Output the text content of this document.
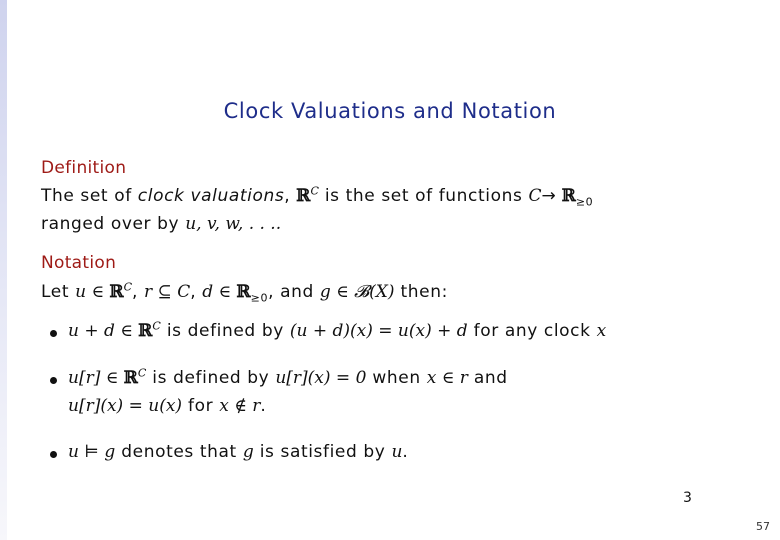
Clock Valuations and Notation
Definition
The set of clock valuations, ℝ$^C$ is the set of functions C→ ℝ$_{\ge 0}$
ranged over by u, v, w, . . ..
Notation
Let u ∈ ℝ$^C$, r ⊆ C, d ∈ ℝ$_{\ge 0}$, and g ∈ 𝓑(X) then:
u + d ∈ ℝ$^C$ is defined by (u + d)(x) = u(x) + d for any clock x
u[r] ∈ ℝ$^C$ is defined by u[r](x) = 0 when x ∈ r and
u[r](x) = u(x) for x ∉ r.
u ⊨ g denotes that g is satisfied by u.
3
57
